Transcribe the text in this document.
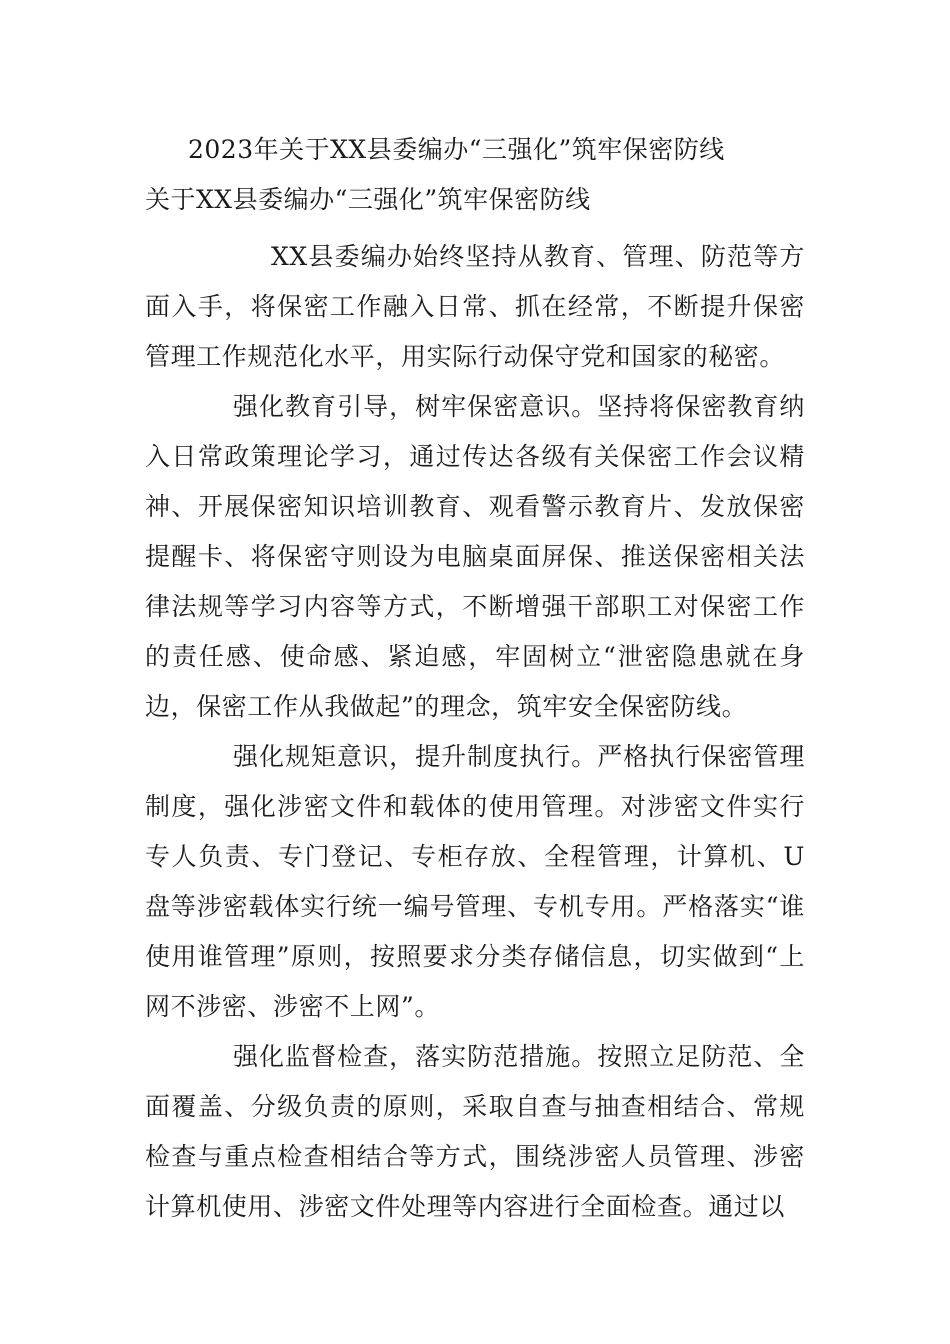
2023年关于XX县委编办“三强化”筑牢保密防线
关于XX县委编办“三强化”筑牢保密防线

XX县委编办始终坚持从教育、管理、防范等方面入手，将保密工作融入日常、抓在经常，不断提升保密管理工作规范化水平，用实际行动保守党和国家的秘密。

强化教育引导，树牢保密意识。坚持将保密教育纳入日常政策理论学习，通过传达各级有关保密工作会议精神、开展保密知识培训教育、观看警示教育片、发放保密提醒卡、将保密守则设为电脑桌面屏保、推送保密相关法律法规等学习内容等方式，不断增强干部职工对保密工作的责任感、使命感、紧迫感，牢固树立“泄密隐患就在身边，保密工作从我做起”的理念，筑牢安全保密防线。

强化规矩意识，提升制度执行。严格执行保密管理制度，强化涉密文件和载体的使用管理。对涉密文件实行专人负责、专门登记、专柜存放、全程管理，计算机、U盘等涉密载体实行统一编号管理、专机专用。严格落实“谁使用谁管理”原则，按照要求分类存储信息，切实做到“上网不涉密、涉密不上网”。

强化监督检查，落实防范措施。按照立足防范、全面覆盖、分级负责的原则，采取自查与抽查相结合、常规检查与重点检查相结合等方式，围绕涉密人员管理、涉密计算机使用、涉密文件处理等内容进行全面检查。通过以
